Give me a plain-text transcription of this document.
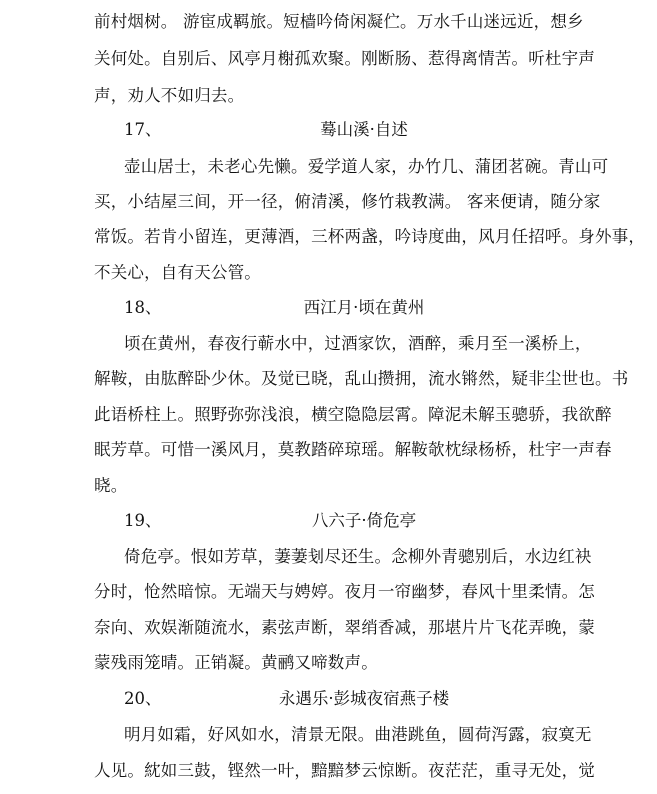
前村烟树。 游宦成羁旅。短樯吟倚闲凝伫。万水千山迷远近，想乡
关何处。自别后、风亭月榭孤欢聚。刚断肠、惹得离情苦。听杜宇声
声，劝人不如归去。
17、	蓦山溪·自述
壶山居士，未老心先懒。爱学道人家，办竹几、蒲团茗碗。青山可
买，小结屋三间，开一径，俯清溪，修竹栽教满。 客来便请，随分家
常饭。若肯小留连，更薄酒，三杯两盏，吟诗度曲，风月任招呼。身外事，
不关心，自有天公管。
18、	西江月·顷在黄州
顷在黄州，春夜行蕲水中，过酒家饮，酒醉，乘月至一溪桥上，
解鞍，由肱醉卧少休。及觉已晓，乱山攒拥，流水锵然，疑非尘世也。书
此语桥柱上。照野弥弥浅浪，横空隐隐层霄。障泥未解玉骢骄，我欲醉
眠芳草。可惜一溪风月，莫教踏碎琼瑶。解鞍欹枕绿杨桥，杜宇一声春
晓。
19、	八六子·倚危亭
倚危亭。恨如芳草，萋萋刬尽还生。念柳外青骢别后，水边红袂
分时，怆然暗惊。无端天与娉婷。夜月一帘幽梦，春风十里柔情。怎
奈向、欢娱渐随流水，素弦声断，翠绡香减，那堪片片飞花弄晚，蒙
蒙残雨笼晴。正销凝。黄鹂又啼数声。
20、	永遇乐·彭城夜宿燕子楼
明月如霜，好风如水，清景无限。曲港跳鱼，圆荷泻露，寂寞无
人见。紞如三鼓，铿然一叶，黯黯梦云惊断。夜茫茫，重寻无处，觉
